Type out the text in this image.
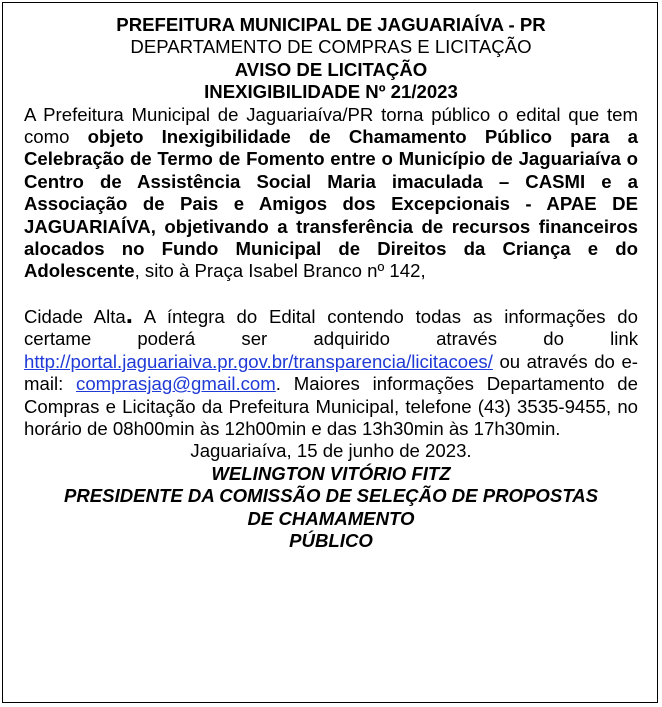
PREFEITURA MUNICIPAL DE JAGUARIAÍVA - PR
DEPARTAMENTO DE COMPRAS E LICITAÇÃO
AVISO DE LICITAÇÃO
INEXIGIBILIDADE Nº 21/2023
A Prefeitura Municipal de Jaguariaíva/PR torna público o edital que tem como objeto Inexigibilidade de Chamamento Público para a Celebração de Termo de Fomento entre o Município de Jaguariaíva o Centro de Assistência Social Maria imaculada – CASMI e a Associação de Pais e Amigos dos Excepcionais - APAE DE JAGUARIAÍVA, objetivando a transferência de recursos financeiros alocados no Fundo Municipal de Direitos da Criança e do Adolescente, sito à Praça Isabel Branco nº 142,
Cidade Alta. A íntegra do Edital contendo todas as informações do certame poderá ser adquirido através do link http://portal.jaguariaiva.pr.gov.br/transparencia/licitacoes/ ou através do e-mail: comprasjag@gmail.com. Maiores informações Departamento de Compras e Licitação da Prefeitura Municipal, telefone (43) 3535-9455, no horário de 08h00min às 12h00min e das 13h30min às 17h30min.
Jaguariaíva, 15 de junho de 2023.
WELINGTON VITÓRIO FITZ
PRESIDENTE DA COMISSÃO DE SELEÇÃO DE PROPOSTAS
DE CHAMAMENTO
PÚBLICO
